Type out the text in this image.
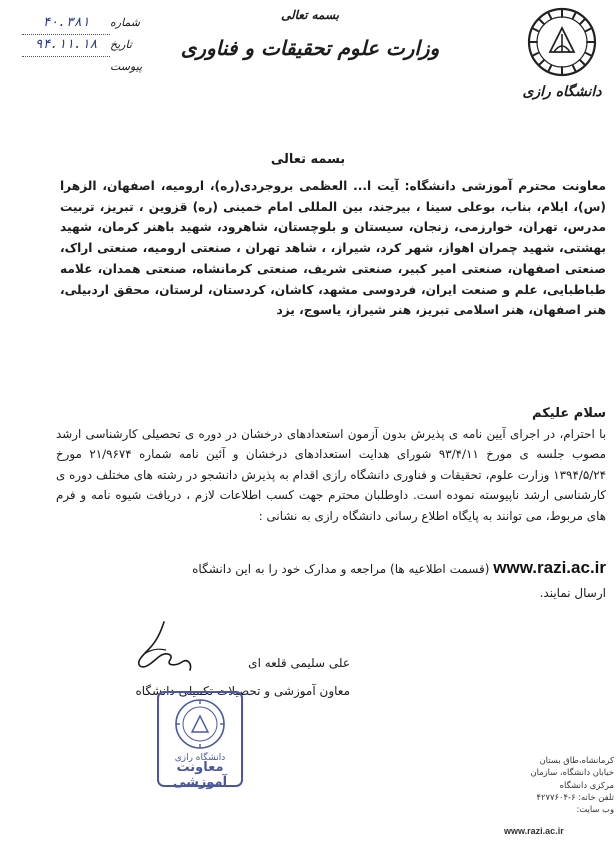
۴۰.۳۸۱	شماره
۹۴.۱۱.۱۸	تاریخ
پیوست
بسمه تعالی
وزارت علوم تحقیقات و فناوری
دانشگاه رازی
بسمه تعالی
معاونت محترم آموزشی دانشگاه: آیت ا... العظمی بروجردی(ره)، ارومیه، اصفهان، الزهرا (س)، ایلام، بناب، بوعلی سینا ، بیرجند، بین المللی امام خمینی (ره) قزوین ، تبریز، تربیت مدرس، تهران، خوارزمی، زنجان، سیستان و بلوچستان، شاهرود، شهید باهنر کرمان، شهید بهشتی، شهید چمران اهواز، شهر کرد، شیراز، ، شاهد تهران ، صنعتی ارومیه، صنعتی اراک، صنعتی اصفهان، صنعتی امیر کبیر، صنعتی شریف، صنعتی کرمانشاه، صنعتی همدان، علامه طباطبایی، علم و صنعت ایران، فردوسی مشهد، کاشان، کردستان، لرستان، محقق اردبیلی، هنر اصفهان، هنر اسلامی تبریز، هنر شیراز، یاسوج، یزد
سلام علیکم
با احترام، در اجرای آیین نامه ی پذیرش بدون آزمون استعدادهای درخشان در دوره ی تحصیلی کارشناسی ارشد مصوب جلسه ی مورخ ۹۳/۴/۱۱ شورای هدایت استعدادهای درخشان و آئین نامه شماره ۲۱/۹۶۷۴ مورخ ۱۳۹۴/۵/۲۴ وزارت علوم، تحقیقات و فناوری دانشگاه رازی اقدام به پذیرش دانشجو در رشته های مختلف دوره ی کارشناسی ارشد ناپیوسته نموده است. داوطلبان محترم جهت کسب اطلاعات لازم ، دریافت شیوه نامه و فرم های مربوط، می توانند به پایگاه اطلاع رسانی دانشگاه رازی به نشانی :
www.razi.ac.ir (قسمت اطلاعیه ها) مراجعه و مدارک خود را به این دانشگاه
ارسال نمایند.
علی سلیمی قلعه ای
معاون آموزشی و تحصیلات تکمیلی دانشگاه
دانشگاه رازی
معاونت آموزشی
کرمانشاه،طاق بستان
خیابان دانشگاه، سازمان
مرکزی دانشگاه
تلفن خانه: ۶-۴۲۷۷۶۰۴
وب سایت:
www.razi.ac.ir
